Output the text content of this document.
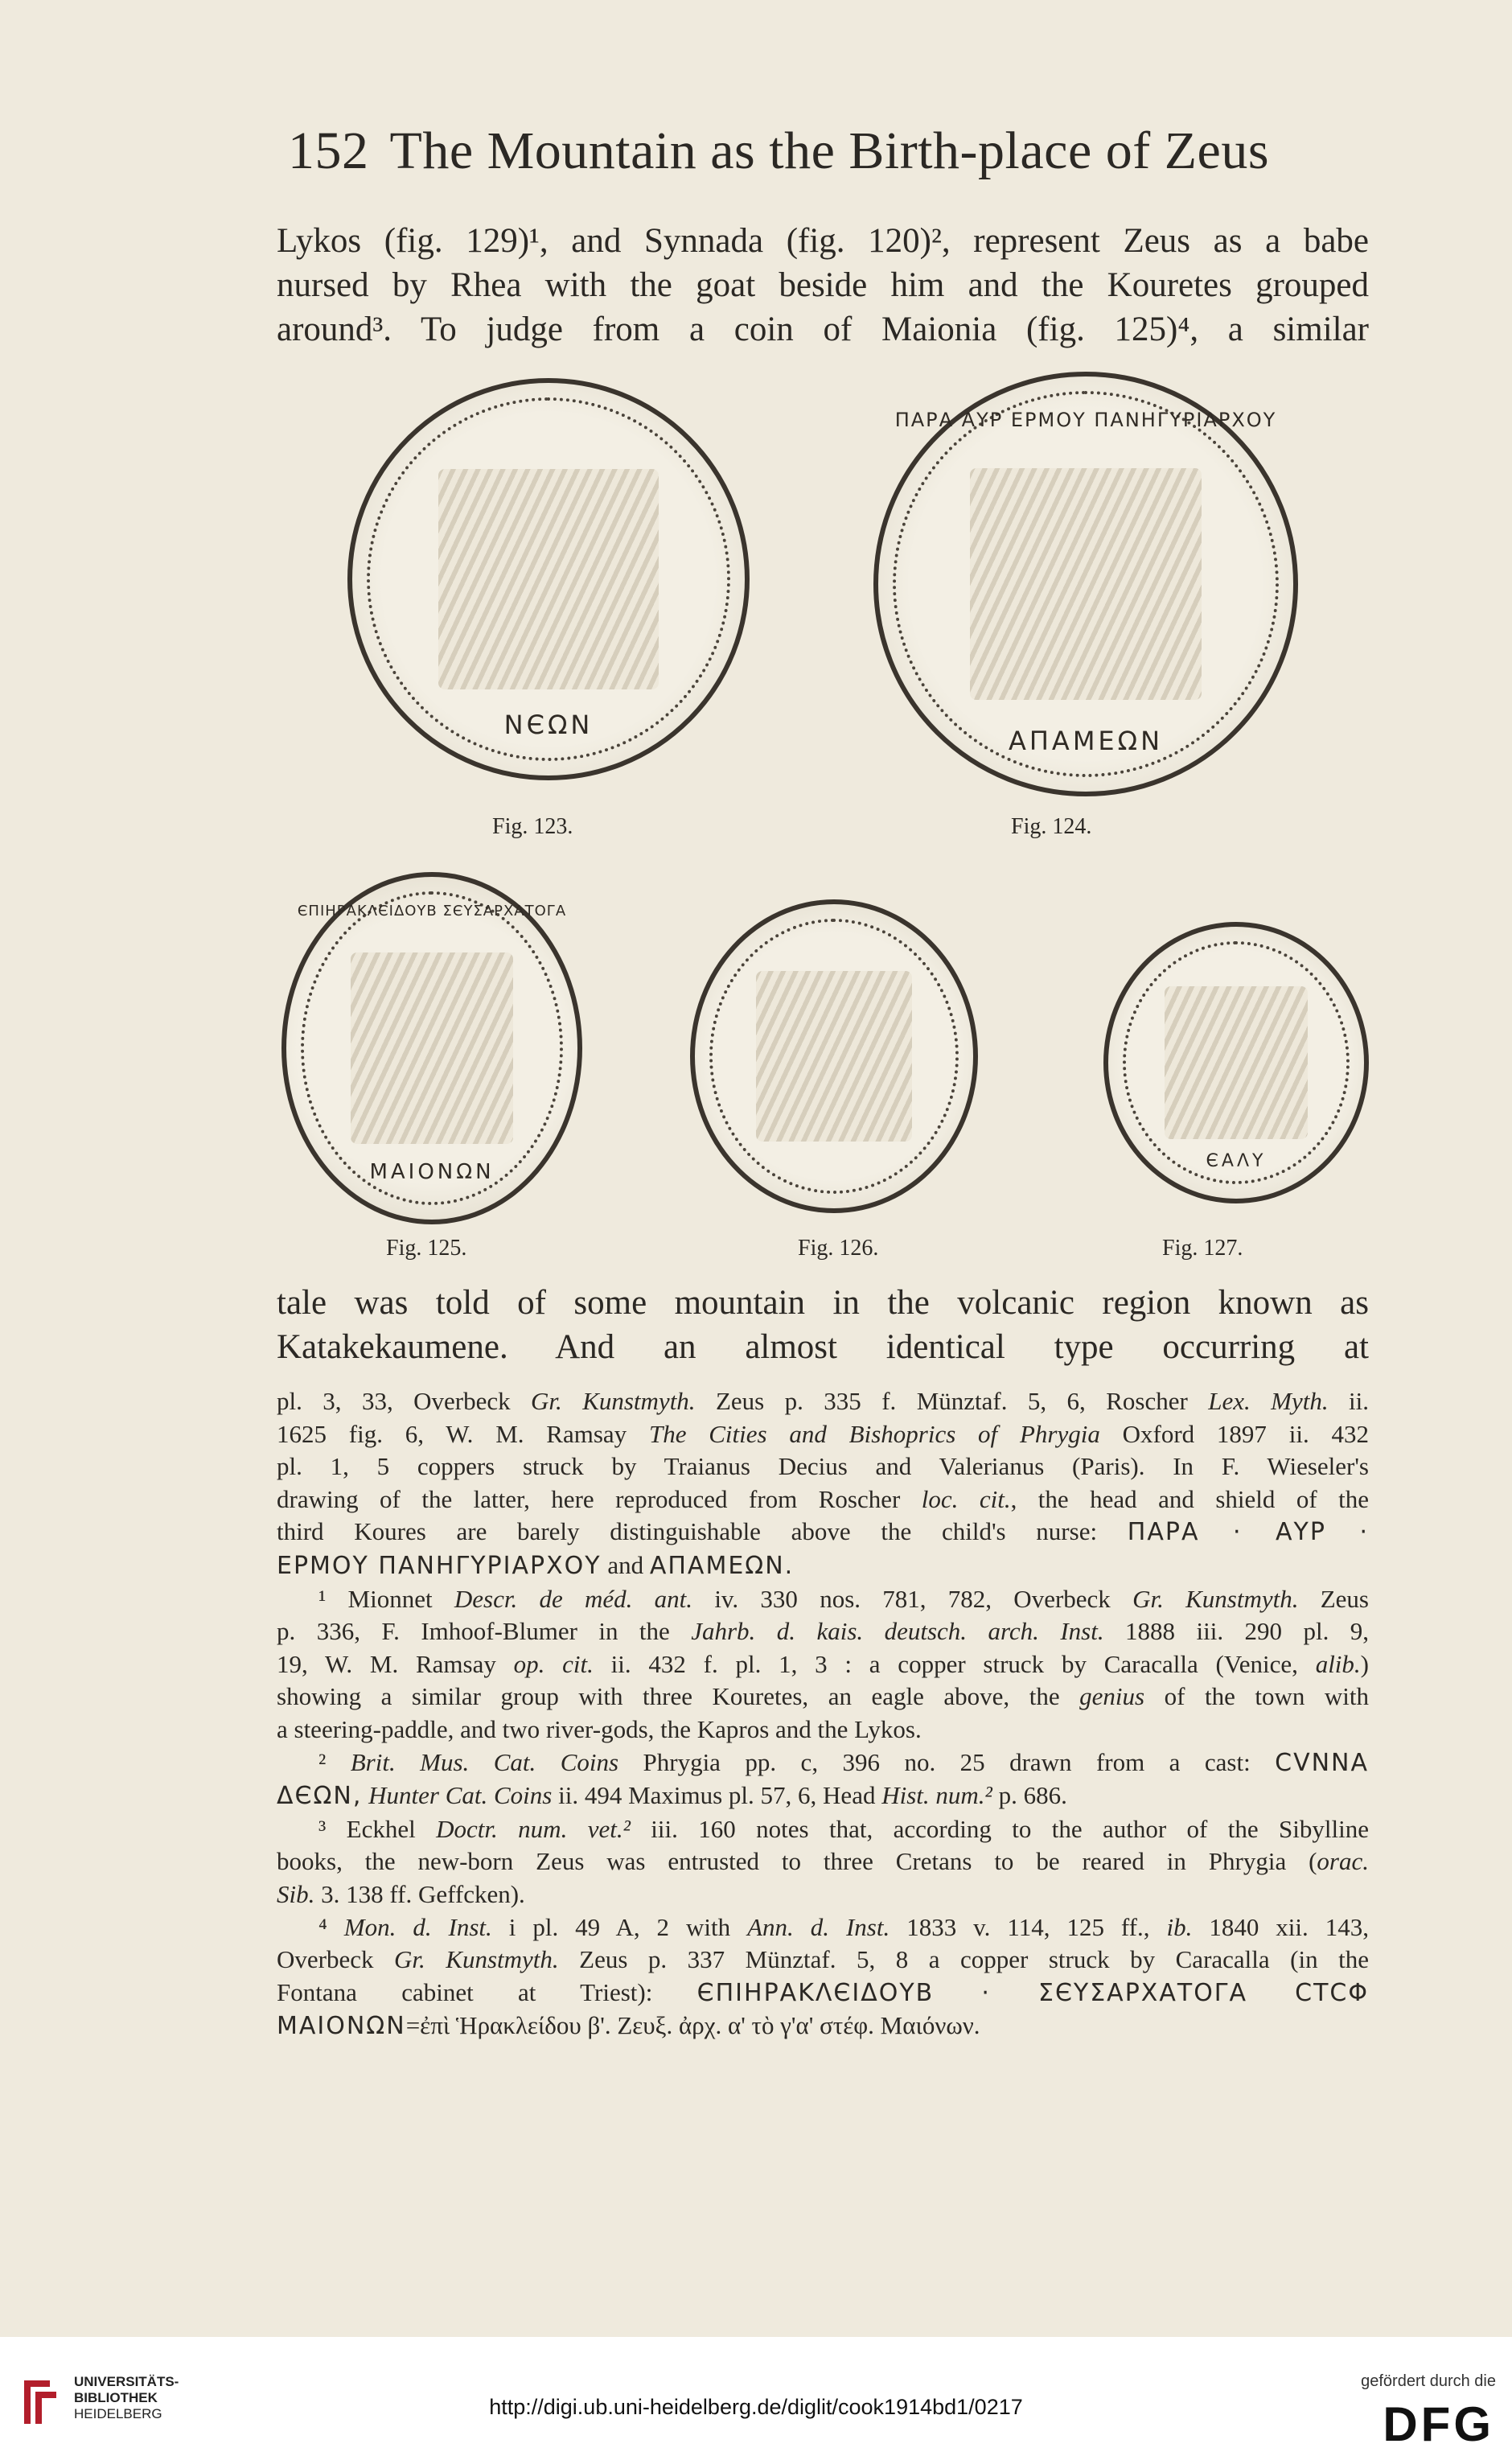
152 The Mountain as the Birth-place of Zeus
Lykos (fig. 129)¹, and Synnada (fig. 120)², represent Zeus as a babe
nursed by Rhea with the goat beside him and the Kouretes grouped
around³. To judge from a coin of Maionia (fig. 125)⁴, a similar
ΝЄΩΝ
Fig. 123.
ΠΑΡΑ ΑΥΡ ΕΡΜΟΥ ΠΑΝΗΓΥΡΙΑΡΧΟΥ
ΑΠΑΜΕΩΝ
Fig. 124.
ЄΠΙΗΡΑΚΛЄΙΔΟΥΒ ΣЄΥΣΑΡΧΑΤΟΓΑ
ΜΑΙΟΝΩΝ
Fig. 125.	Fig. 126.
ЄΑΛΥ
Fig. 127.
tale was told of some mountain in the volcanic region known as
Katakekaumene. And an almost identical type occurring at
pl. 3, 33, Overbeck Gr. Kunstmyth. Zeus p. 335 f. Münztaf. 5, 6, Roscher Lex. Myth. ii.
1625 fig. 6, W. M. Ramsay The Cities and Bishoprics of Phrygia Oxford 1897 ii. 432
pl. 1, 5 coppers struck by Traianus Decius and Valerianus (Paris). In F. Wieseler's
drawing of the latter, here reproduced from Roscher loc. cit., the head and shield of the
third Koures are barely distinguishable above the child's nurse: ΠΑΡΑ · ΑΥΡ ·
ΕΡΜΟΥ ΠΑΝΗΓΥΡΙΑΡΧΟΥ and ΑΠΑΜΕΩΝ.
¹ Mionnet Descr. de méd. ant. iv. 330 nos. 781, 782, Overbeck Gr. Kunstmyth. Zeus
p. 336, F. Imhoof-Blumer in the Jahrb. d. kais. deutsch. arch. Inst. 1888 iii. 290 pl. 9,
19, W. M. Ramsay op. cit. ii. 432 f. pl. 1, 3 : a copper struck by Caracalla (Venice, alib.)
showing a similar group with three Kouretes, an eagle above, the genius of the town with
a steering-paddle, and two river-gods, the Kapros and the Lykos.
² Brit. Mus. Cat. Coins Phrygia pp. c, 396 no. 25 drawn from a cast: CVNNA
ΔЄΩΝ, Hunter Cat. Coins ii. 494 Maximus pl. 57, 6, Head Hist. num.² p. 686.
³ Eckhel Doctr. num. vet.² iii. 160 notes that, according to the author of the Sibylline
books, the new-born Zeus was entrusted to three Cretans to be reared in Phrygia (orac.
Sib. 3. 138 ff. Geffcken).
⁴ Mon. d. Inst. i pl. 49 A, 2 with Ann. d. Inst. 1833 v. 114, 125 ff., ib. 1840 xii. 143,
Overbeck Gr. Kunstmyth. Zeus p. 337 Münztaf. 5, 8 a copper struck by Caracalla (in the
Fontana cabinet at Triest): ЄΠΙΗΡΑΚΛЄΙΔΟΥΒ · ΣЄΥΣΑΡΧΑΤΟΓΑ CΤCΦ
ΜΑΙΟΝΩΝ=ἐπὶ Ἡρακλείδου β'. Ζευξ. ἀρχ. α' τὸ γ'α' στέφ. Μαιόνων.
UNIVERSITÄTS-
BIBLIOTHEK
HEIDELBERG	http://digi.ub.uni-heidelberg.de/diglit/cook1914bd1/0217
gefördert durch die
DFG
